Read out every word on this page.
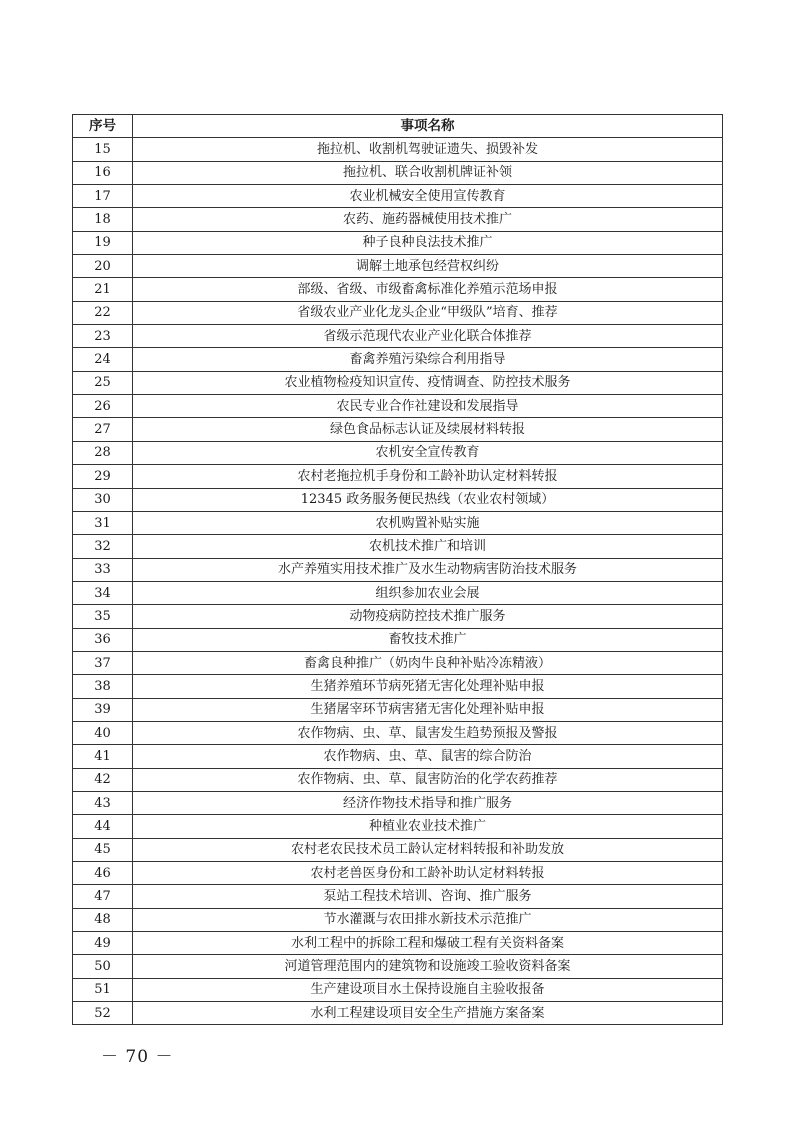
序号	事项名称
15	拖拉机、收割机驾驶证遗失、损毁补发
16	拖拉机、联合收割机牌证补领
17	农业机械安全使用宣传教育
18	农药、施药器械使用技术推广
19	种子良种良法技术推广
20	调解土地承包经营权纠纷
21	部级、省级、市级畜禽标准化养殖示范场申报
22	省级农业产业化龙头企业“甲级队”培育、推荐
23	省级示范现代农业产业化联合体推荐
24	畜禽养殖污染综合利用指导
25	农业植物检疫知识宣传、疫情调查、防控技术服务
26	农民专业合作社建设和发展指导
27	绿色食品标志认证及续展材料转报
28	农机安全宣传教育
29	农村老拖拉机手身份和工龄补助认定材料转报
30	12345 政务服务便民热线（农业农村领域）
31	农机购置补贴实施
32	农机技术推广和培训
33	水产养殖实用技术推广及水生动物病害防治技术服务
34	组织参加农业会展
35	动物疫病防控技术推广服务
36	畜牧技术推广
37	畜禽良种推广（奶肉牛良种补贴冷冻精液）
38	生猪养殖环节病死猪无害化处理补贴申报
39	生猪屠宰环节病害猪无害化处理补贴申报
40	农作物病、虫、草、鼠害发生趋势预报及警报
41	农作物病、虫、草、鼠害的综合防治
42	农作物病、虫、草、鼠害防治的化学农药推荐
43	经济作物技术指导和推广服务
44	种植业农业技术推广
45	农村老农民技术员工龄认定材料转报和补助发放
46	农村老兽医身份和工龄补助认定材料转报
47	泵站工程技术培训、咨询、推广服务
48	节水灌溉与农田排水新技术示范推广
49	水利工程中的拆除工程和爆破工程有关资料备案
50	河道管理范围内的建筑物和设施竣工验收资料备案
51	生产建设项目水土保持设施自主验收报备
52	水利工程建设项目安全生产措施方案备案
－ 70 －
